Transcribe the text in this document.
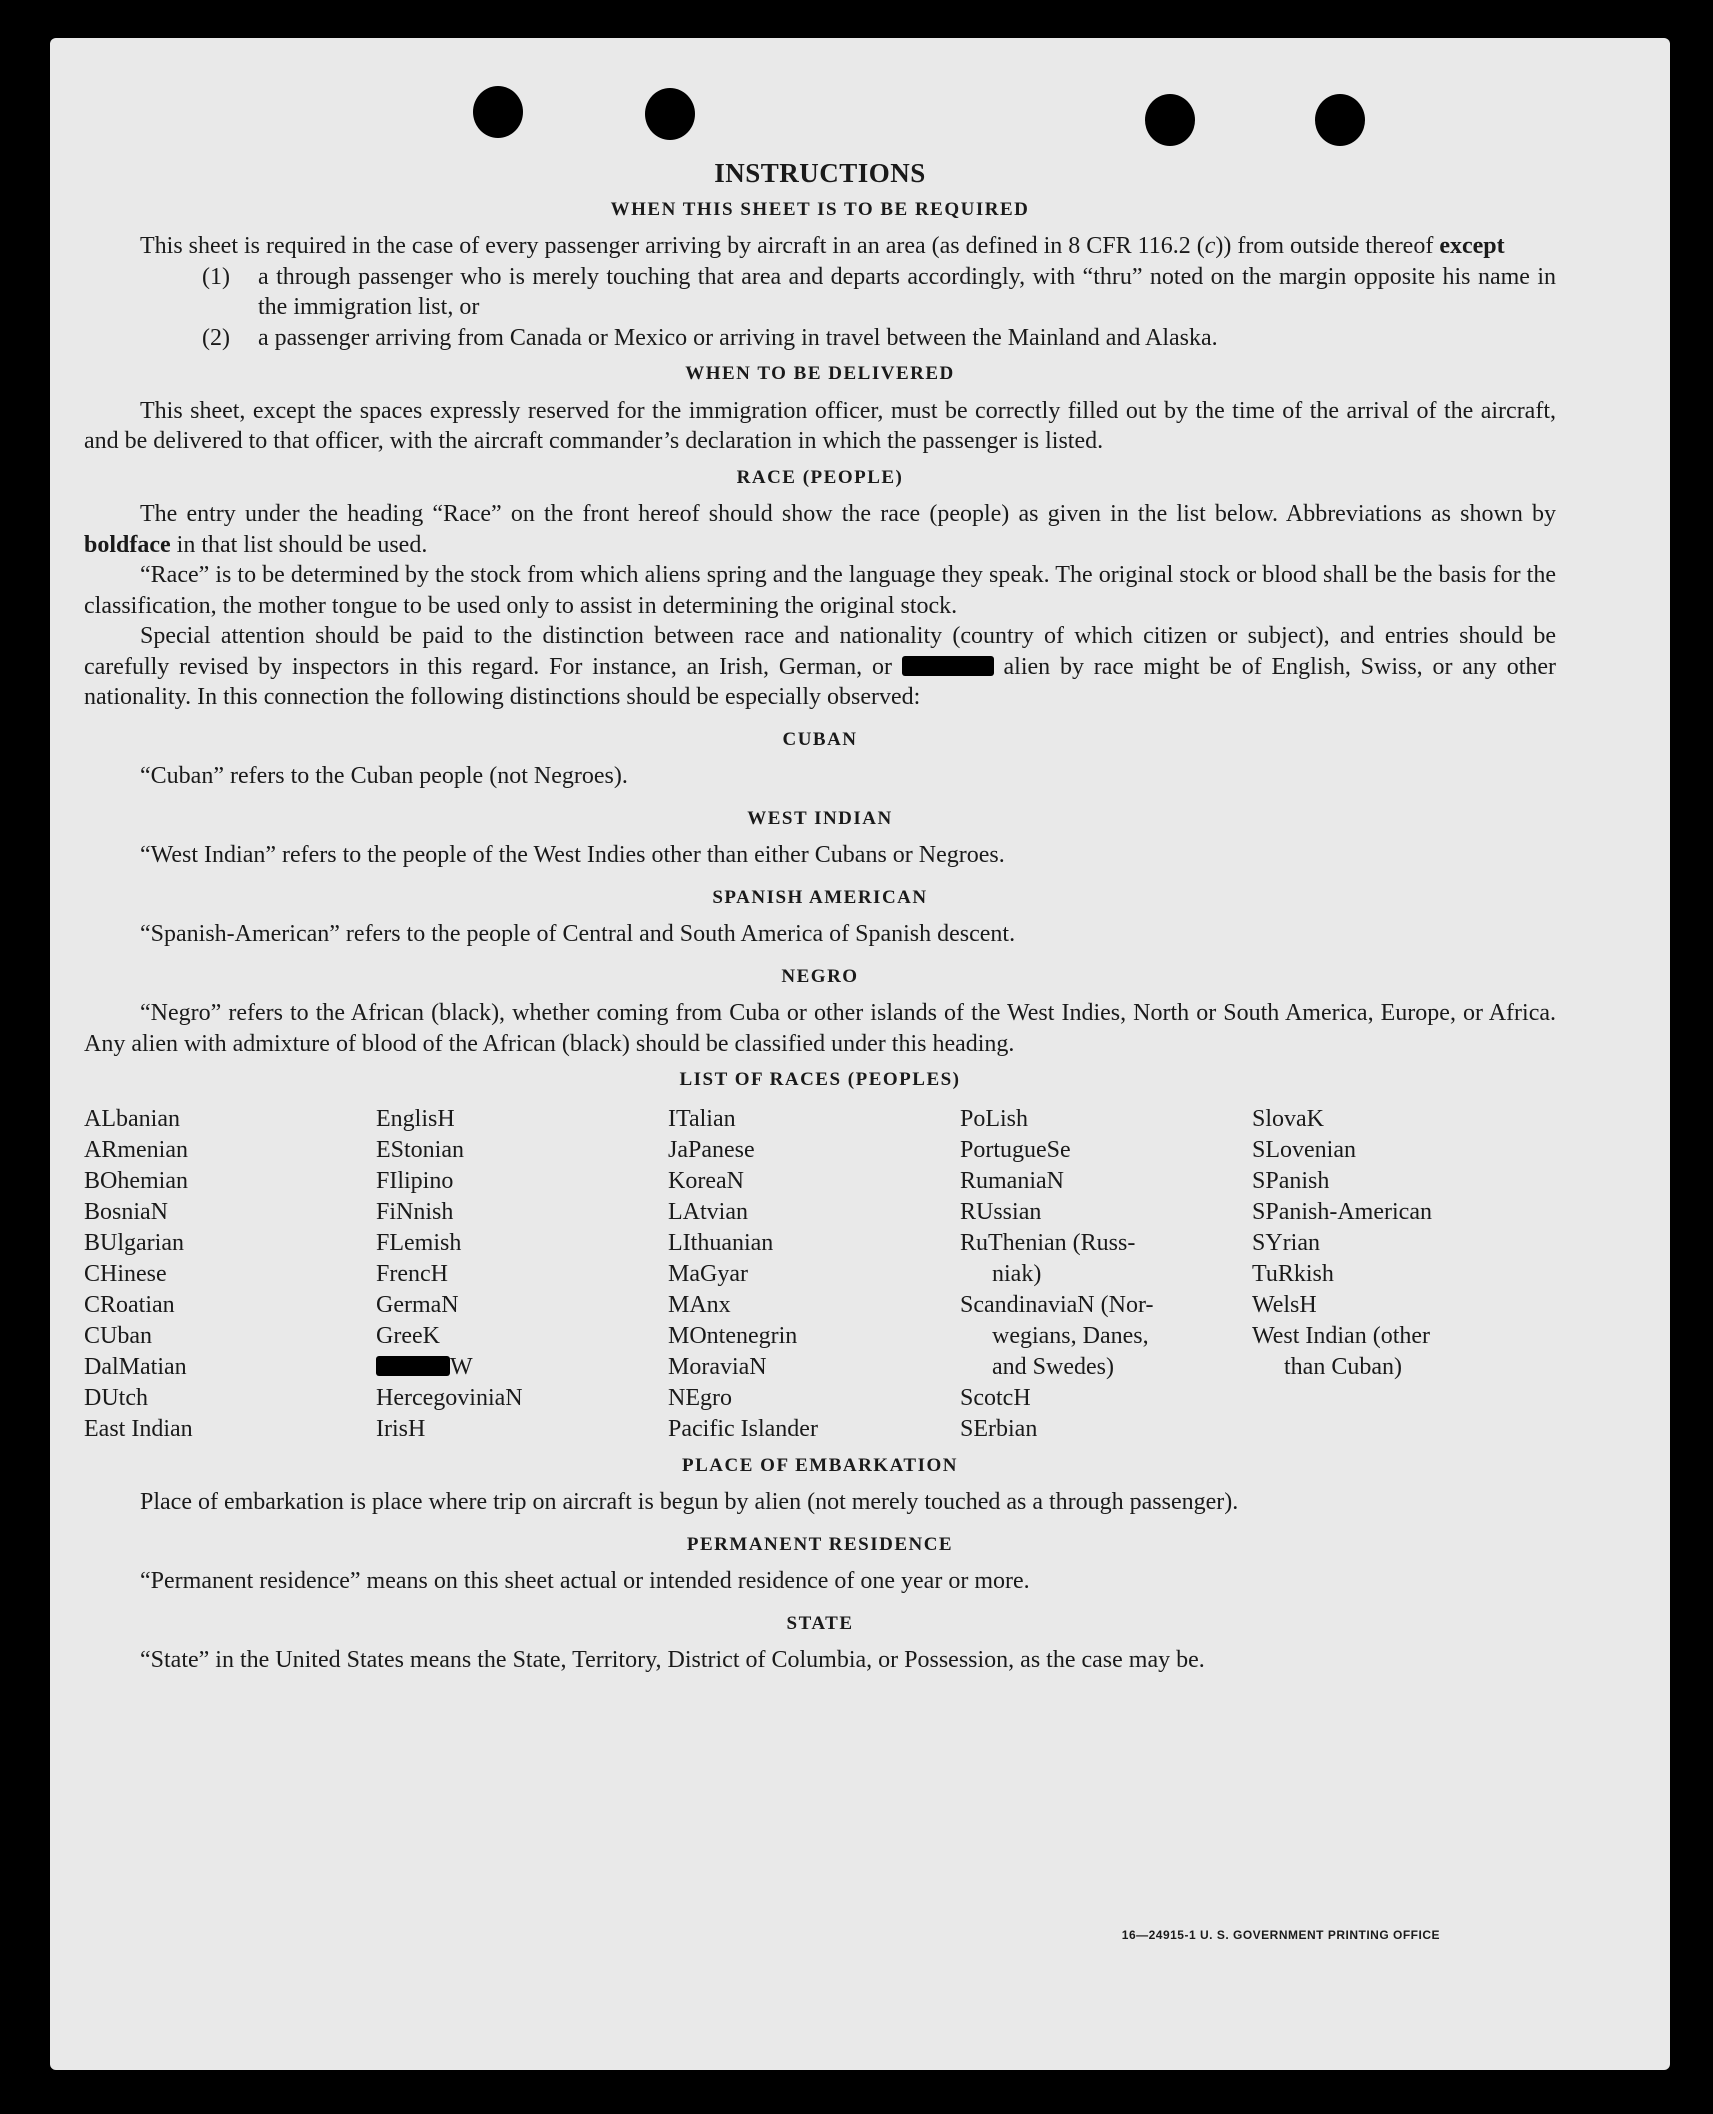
INSTRUCTIONS
WHEN THIS SHEET IS TO BE REQUIRED

This sheet is required in the case of every passenger arriving by aircraft in an area (as defined in 8 CFR 116.2 (c)) from outside thereof except

(1)	a through passenger who is merely touching that area and departs accordingly, with “thru” noted on the margin opposite his name in the immigration list, or
(2)	a passenger arriving from Canada or Mexico or arriving in travel between the Mainland and Alaska.
WHEN TO BE DELIVERED

This sheet, except the spaces expressly reserved for the immigration officer, must be correctly filled out by the time of the arrival of the aircraft, and be delivered to that officer, with the aircraft commander’s declaration in which the passenger is listed.

RACE (PEOPLE)

The entry under the heading “Race” on the front hereof should show the race (people) as given in the list below. Abbreviations as shown by boldface in that list should be used.

“Race” is to be determined by the stock from which aliens spring and the language they speak. The original stock or blood shall be the basis for the classification, the mother tongue to be used only to assist in determining the original stock.

Special attention should be paid to the distinction between race and nationality (country of which citizen or subject), and entries should be carefully revised by inspectors in this regard. For instance, an Irish, German, or	alien by race might be of English, Swiss, or any other nationality. In this connection the following distinctions should be especially observed:

CUBAN

“Cuban” refers to the Cuban people (not Negroes).

WEST INDIAN

“West Indian” refers to the people of the West Indies other than either Cubans or Negroes.

SPANISH AMERICAN

“Spanish-American” refers to the people of Central and South America of Spanish descent.

NEGRO

“Negro” refers to the African (black), whether coming from Cuba or other islands of the West Indies, North or South America, Europe, or Africa. Any alien with admixture of blood of the African (black) should be classified under this heading.

LIST OF RACES (PEOPLES)
ALbanian
ARmenian
BOhemian
BosniaN
BUlgarian
CHinese
CRoatian
CUban
DalMatian
DUtch
East Indian
EnglisH
EStonian
FIlipino
FiNnish
FLemish
FrencH
GermaN
GreeK
W
HercegoviniaN
IrisH
ITalian
JaPanese
KoreaN
LAtvian
LIthuanian
MaGyar
MAnx
MOntenegrin
MoraviaN
NEgro
Pacific Islander
PoLish
PortugueSe
RumaniaN
RUssian
RuThenian (Russ-
niak)
ScandinaviaN (Nor-
wegians, Danes,
and Swedes)
ScotcH
SErbian
SlovaK
SLovenian
SPanish
SPanish-American
SYrian
TuRkish
WelsH
West Indian (other
than Cuban)
PLACE OF EMBARKATION

Place of embarkation is place where trip on aircraft is begun by alien (not merely touched as a through passenger).

PERMANENT RESIDENCE

“Permanent residence” means on this sheet actual or intended residence of one year or more.

STATE

“State” in the United States means the State, Territory, District of Columbia, or Possession, as the case may be.

16—24915‑1 U. S. GOVERNMENT PRINTING OFFICE
